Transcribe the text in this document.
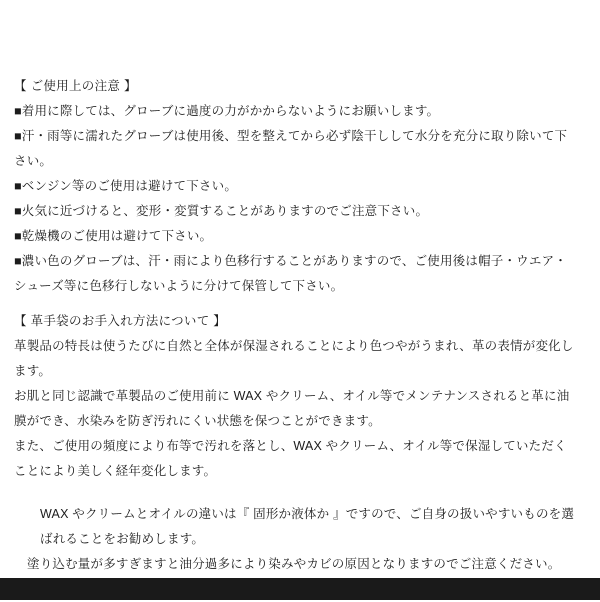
【 ご使用上の注意 】
■着用に際しては、グローブに過度の力がかからないようにお願いします。
■汗・雨等に濡れたグローブは使用後、型を整えてから必ず陰干しして水分を充分に取り除いて下さい。
■ベンジン等のご使用は避けて下さい。
■火気に近づけると、変形・変質することがありますのでご注意下さい。
■乾燥機のご使用は避けて下さい。
■濃い色のグローブは、汗・雨により色移行することがありますので、ご使用後は帽子・ウエア・シューズ等に色移行しないように分けて保管して下さい。
【 革手袋のお手入れ方法について 】

革製品の特長は使うたびに自然と全体が保湿されることにより色つやがうまれ、革の表情が変化します。

お肌と同じ認識で革製品のご使用前に WAX やクリーム、オイル等でメンテナンスされると革に油膜ができ、水染みを防ぎ汚れにくい状態を保つことができます。

また、ご使用の頻度により布等で汚れを落とし、WAX やクリーム、オイル等で保湿していただくことにより美しく経年変化します。

WAX やクリームとオイルの違いは『 固形か液体か 』ですので、ご自身の扱いやすいものを選ばれることをお勧めします。

塗り込む量が多すぎますと油分過多により染みやカビの原因となりますのでご注意ください。
